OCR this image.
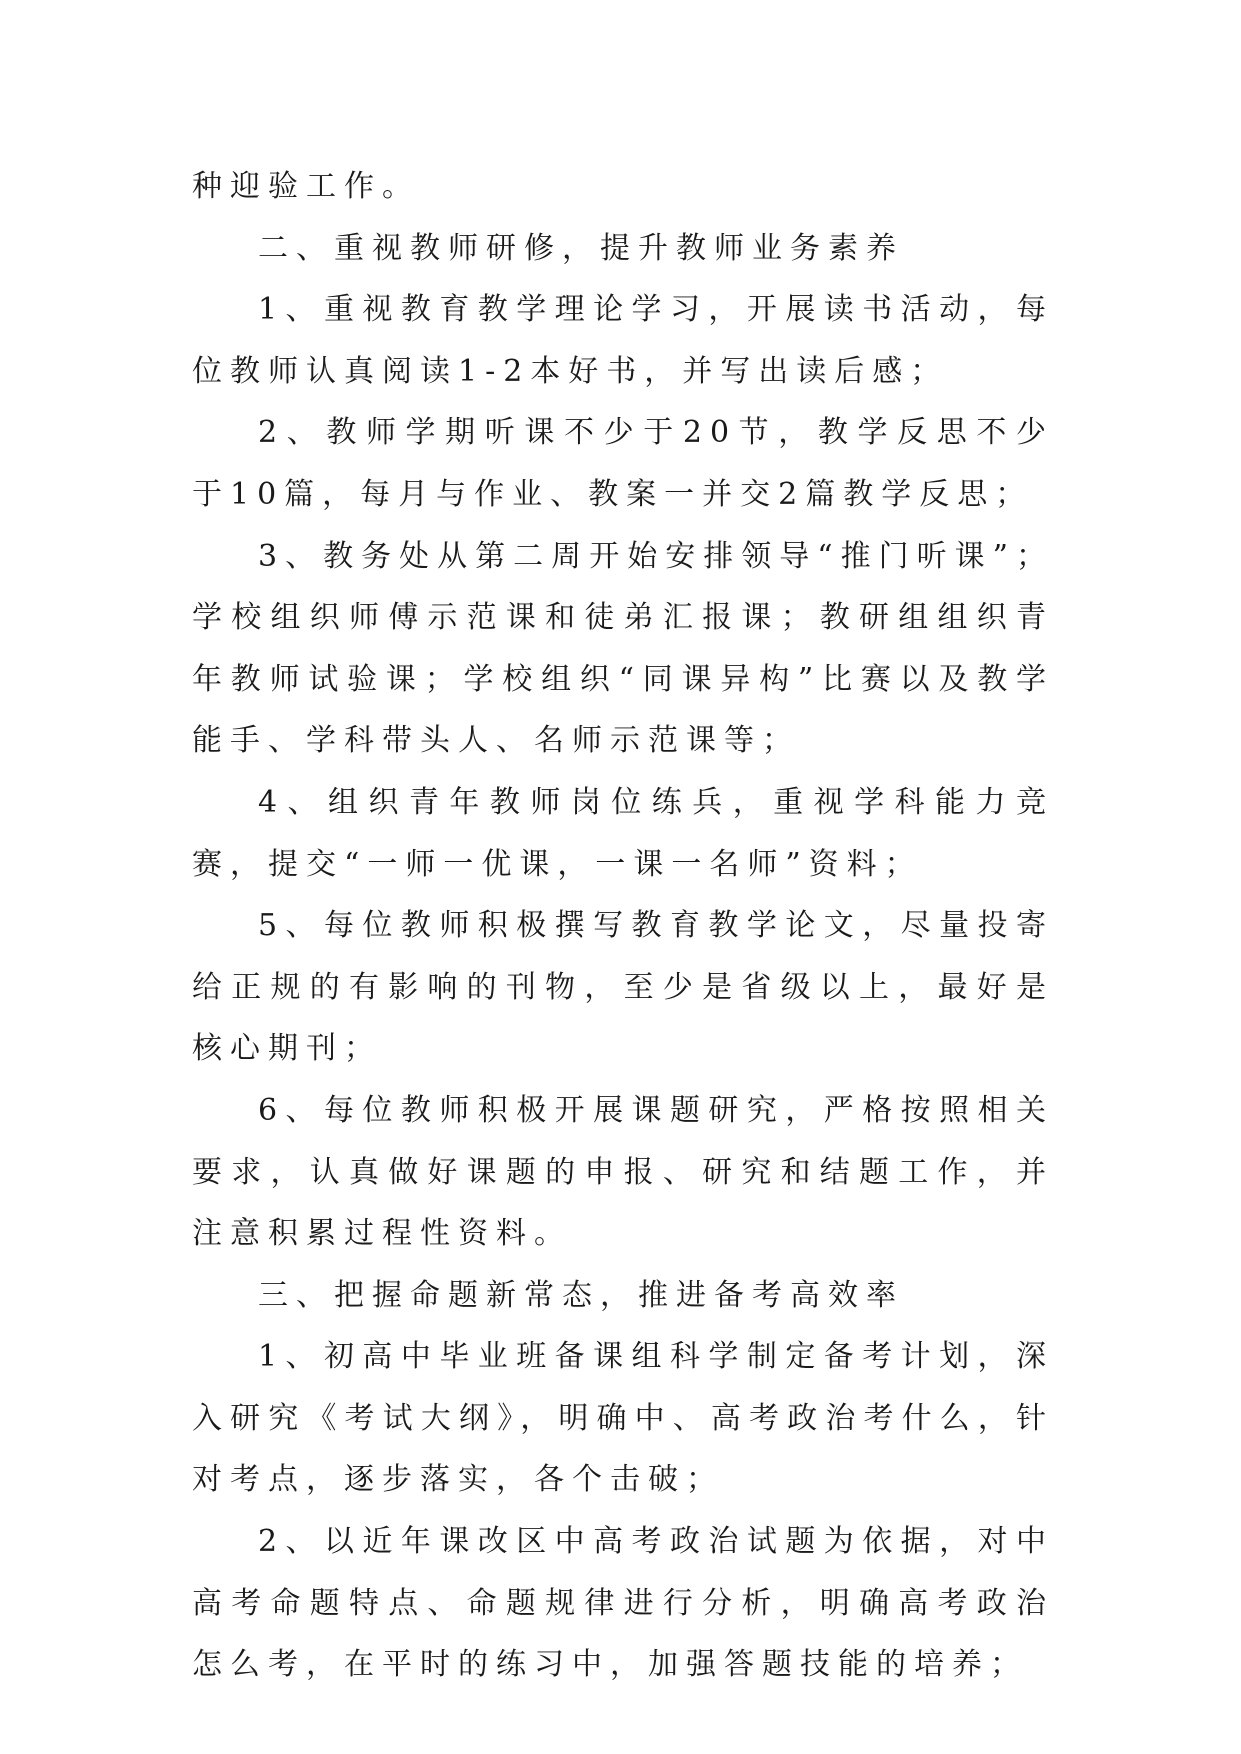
种迎验工作。

二、重视教师研修，提升教师业务素养

1、重视教育教学理论学习，开展读书活动，每位教师认真阅读1-2本好书，并写出读后感；

2、教师学期听课不少于20节，教学反思不少于10篇，每月与作业、教案一并交2篇教学反思；

3、教务处从第二周开始安排领导“推门听课”；学校组织师傅示范课和徒弟汇报课；教研组组织青年教师试验课；学校组织“同课异构”比赛以及教学能手、学科带头人、名师示范课等；

4、组织青年教师岗位练兵，重视学科能力竞赛，提交“一师一优课，一课一名师”资料；

5、每位教师积极撰写教育教学论文，尽量投寄给正规的有影响的刊物，至少是省级以上，最好是核心期刊；

6、每位教师积极开展课题研究，严格按照相关要求，认真做好课题的申报、研究和结题工作，并注意积累过程性资料。

三、把握命题新常态，推进备考高效率

1、初高中毕业班备课组科学制定备考计划，深入研究《考试大纲》，明确中、高考政治考什么，针对考点，逐步落实，各个击破；

2、以近年课改区中高考政治试题为依据，对中高考命题特点、命题规律进行分析，明确高考政治怎么考，在平时的练习中，加强答题技能的培养；
